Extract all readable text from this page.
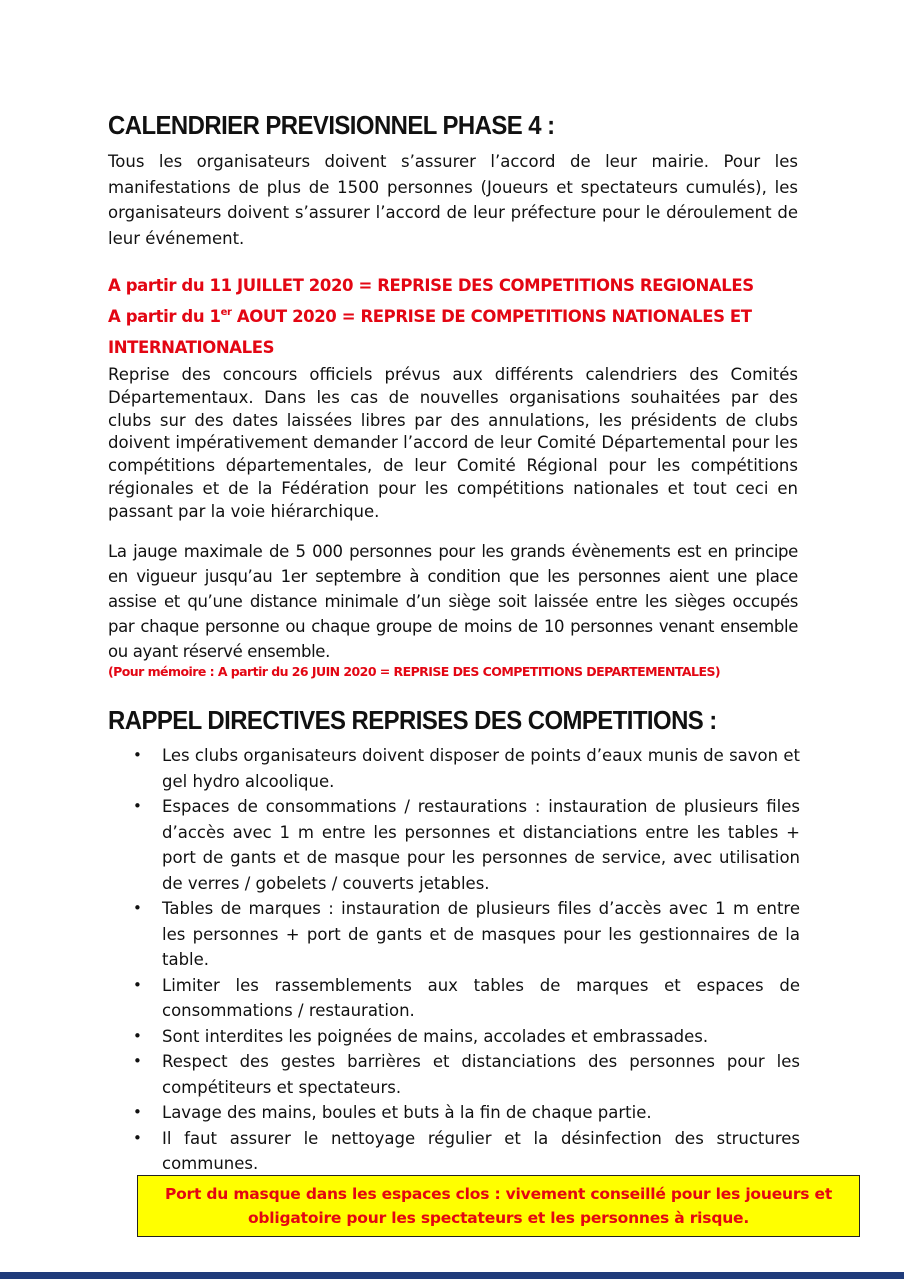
CALENDRIER PREVISIONNEL PHASE 4 :

Tous les organisateurs doivent s’assurer l’accord de leur mairie. Pour les manifestations de plus de 1500 personnes (Joueurs et spectateurs cumulés), les organisateurs doivent s’assurer l’accord de leur préfecture pour le déroulement de leur événement.

A partir du 11 JUILLET 2020 = REPRISE DES COMPETITIONS REGIONALES
A partir du 1er AOUT 2020 = REPRISE DE COMPETITIONS NATIONALES ET
INTERNATIONALES

Reprise des concours officiels prévus aux différents calendriers des Comités Départementaux. Dans les cas de nouvelles organisations souhaitées par des clubs sur des dates laissées libres par des annulations, les présidents de clubs doivent impérativement demander l’accord de leur Comité Départemental pour les compétitions départementales, de leur Comité Régional pour les compétitions régionales et de la Fédération pour les compétitions nationales et tout ceci en passant par la voie hiérarchique.

La jauge maximale de 5 000 personnes pour les grands évènements est en principe en vigueur jusqu’au 1er septembre à condition que les personnes aient une place assise et qu’une distance minimale d’un siège soit laissée entre les sièges occupés par chaque personne ou chaque groupe de moins de 10 personnes venant ensemble ou ayant réservé ensemble.

(Pour mémoire : A partir du 26 JUIN 2020 = REPRISE DES COMPETITIONS DEPARTEMENTALES)

RAPPEL DIRECTIVES REPRISES DES COMPETITIONS :
• Les clubs organisateurs doivent disposer de points d’eaux munis de savon et gel hydro alcoolique.
• Espaces de consommations / restaurations : instauration de plusieurs files d’accès avec 1 m entre les personnes et distanciations entre les tables + port de gants et de masque pour les personnes de service, avec utilisation de verres / gobelets / couverts jetables.
• Tables de marques : instauration de plusieurs files d’accès avec 1 m entre les personnes + port de gants et de masques pour les gestionnaires de la table.
• Limiter les rassemblements aux tables de marques et espaces de consommations / restauration.
• Sont interdites les poignées de mains, accolades et embrassades.
• Respect des gestes barrières et distanciations des personnes pour les compétiteurs et spectateurs.
• Lavage des mains, boules et buts à la fin de chaque partie.
• Il faut assurer le nettoyage régulier et la désinfection des structures communes.

Port du masque dans les espaces clos : vivement conseillé pour les joueurs et obligatoire pour les spectateurs et les personnes à risque.
